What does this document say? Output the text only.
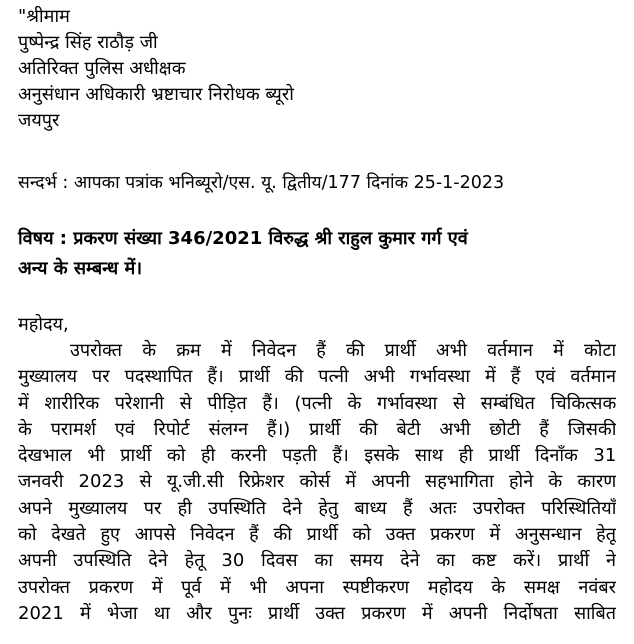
"श्रीमाम
पुष्पेन्द्र सिंह राठौड़ जी
अतिरिक्त पुलिस अधीक्षक
अनुसंधान अधिकारी भ्रष्टाचार निरोधक ब्यूरो
जयपुर
सन्दर्भ : आपका पत्रांक भनिब्यूरो/एस. यू. द्वितीय/177 दिनांक 25-1-2023
विषय : प्रकरण संख्या 346/2021 विरुद्ध श्री राहुल कुमार गर्ग एवं
अन्य के सम्बन्ध में।
महोदय,
उपरोक्त के क्रम में निवेदन हैं की प्रार्थी अभी वर्तमान में कोटा
मुख्यालय पर पदस्थापित हैं। प्रार्थी की पत्नी अभी गर्भावस्था में हैं एवं वर्तमान
में शारीरिक परेशानी से पीड़ित हैं। (पत्नी के गर्भावस्था से सम्बंधित चिकित्सक
के परामर्श एवं रिपोर्ट संलग्न हैं।) प्रार्थी की बेटी अभी छोटी हैं जिसकी
देखभाल भी प्रार्थी को ही करनी पड़ती हैं। इसके साथ ही प्रार्थी दिनाँक 31
जनवरी 2023 से यू.जी.सी रिफ्रेशर कोर्स में अपनी सहभागिता होने के कारण
अपने मुख्यालय पर ही उपस्थिति देने हेतु बाध्य हैं अतः उपरोक्त परिस्थितियाँ
को देखते हुए आपसे निवेदन हैं की प्रार्थी को उक्त प्रकरण में अनुसन्धान हेतू
अपनी उपस्थिति देने हेतू 30 दिवस का समय देने का कष्ट करें। प्रार्थी ने
उपरोक्त प्रकरण में पूर्व में भी अपना स्पष्टीकरण महोदय के समक्ष नवंबर
2021 में भेजा था और पुनः प्रार्थी उक्त प्रकरण में अपनी निर्दोषता साबित
